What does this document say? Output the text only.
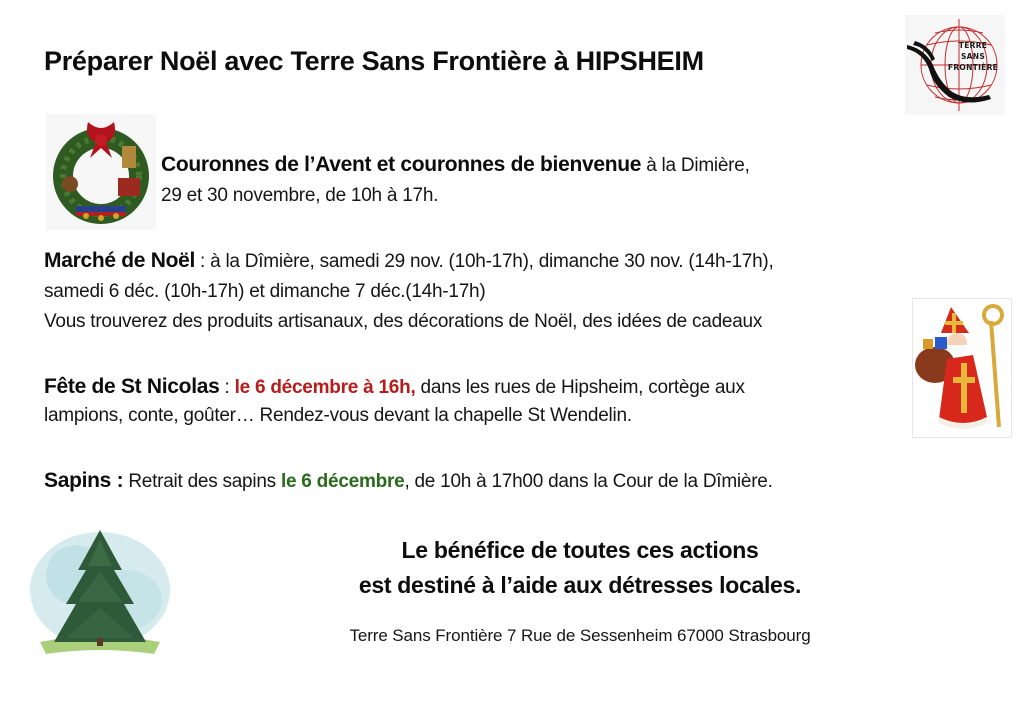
Préparer Noël avec Terre Sans Frontière à HIPSHEIM
TERRE
SANS
FRONTIÈRE
Couronnes de l’Avent et couronnes de bienvenue à la Dimière,
29 et 30 novembre, de 10h à 17h.
Marché de Noël : à la Dîmière, samedi 29 nov. (10h-17h), dimanche 30 nov. (14h-17h),
samedi 6 déc. (10h-17h) et dimanche 7 déc.(14h-17h)
Vous trouverez des produits artisanaux, des décorations de Noël, des idées de cadeaux
Fête de St Nicolas : le 6 décembre à 16h, dans les rues de Hipsheim, cortège aux
lampions, conte, goûter… Rendez-vous devant la chapelle St Wendelin.
Sapins : Retrait des sapins le 6 décembre, de 10h à 17h00 dans la Cour de la Dîmière.
Le bénéfice de toutes ces actions
est destiné à l’aide aux détresses locales.
Terre Sans Frontière 7 Rue de Sessenheim 67000 Strasbourg
